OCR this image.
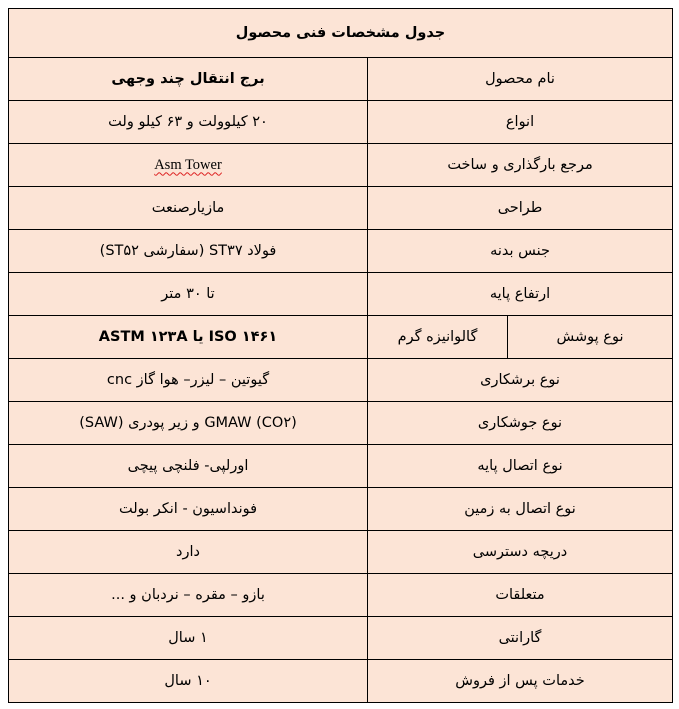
جدول مشخصات فنی محصول		
نام محصول		برج انتقال چند وجهی
انواع		۲۰ کیلوولت و ۶۳ کیلو ولت
مرجع بارگذاری و ساخت		Asm Tower
طراحی		مازیارصنعت
جنس بدنه		فولاد ST۳۷ (سفارشی ST۵۲)
ارتفاع پایه		تا ۳۰ متر
نوع پوشش	گالوانیزه گرم	ISO ۱۴۶۱ یا ASTM ۱۲۳A
نوع برشکاری		گیوتین – لیزر– هوا گاز cnc
نوع جوشکاری		GMAW (CO۲) و زیر پودری (SAW)
نوع اتصال پایه		اورلپی- فلنچی پیچی
نوع اتصال به زمین		فونداسیون - انکر بولت
دریچه دسترسی		دارد
متعلقات		بازو – مقره – نردبان و ...
گارانتی		۱ سال
خدمات پس از فروش		۱۰ سال
